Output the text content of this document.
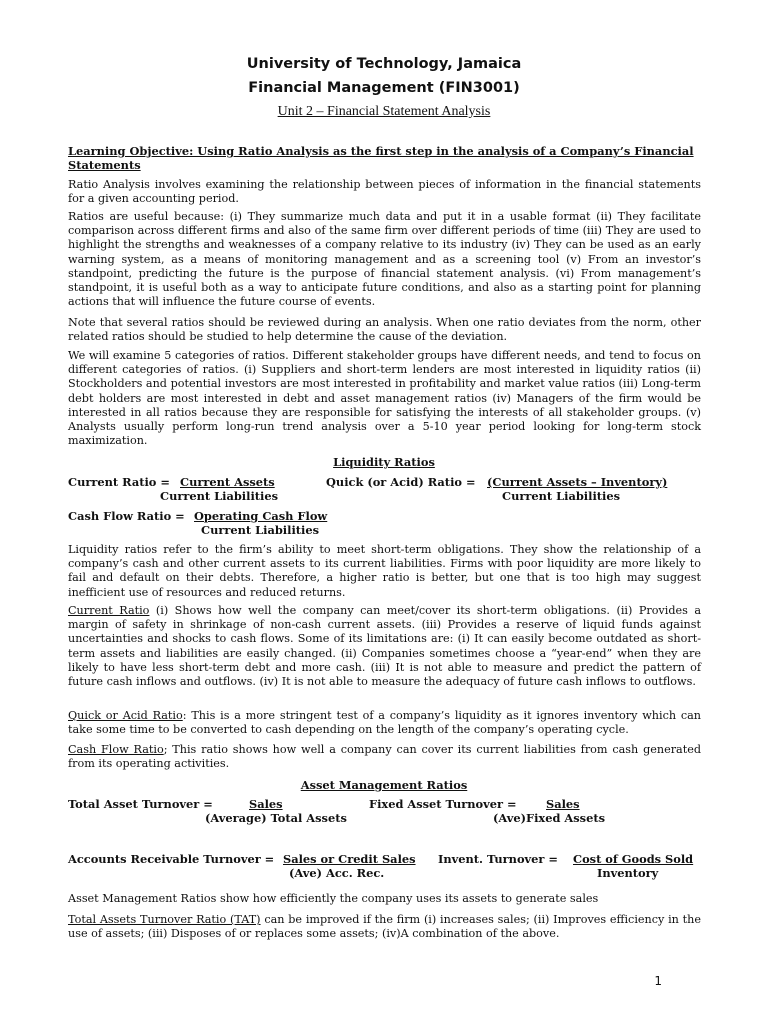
University of Technology, Jamaica
Financial Management (FIN3001)
Unit 2 – Financial Statement Analysis
Learning Objective: Using Ratio Analysis as the first step in the analysis of a Company’s Financial Statements
Ratio Analysis involves examining the relationship between pieces of information in the financial statements for a given accounting period.
Ratios are useful because: (i) They summarize much data and put it in a usable format (ii) They facilitate comparison across different firms and also of the same firm over different periods of time (iii) They are used to highlight the strengths and weaknesses of a company relative to its industry (iv) They can be used as an early warning system, as a means of monitoring management and as a screening tool (v) From an investor’s standpoint, predicting the future is the purpose of financial statement analysis. (vi) From management’s standpoint, it is useful both as a way to anticipate future conditions, and also as a starting point for planning actions that will influence the future course of events.
Note that several ratios should be reviewed during an analysis. When one ratio deviates from the norm, other related ratios should be studied to help determine the cause of the deviation.
We will examine 5 categories of ratios. Different stakeholder groups have different needs, and tend to focus on different categories of ratios. (i) Suppliers and short-term lenders are most interested in liquidity ratios (ii) Stockholders and potential investors are most interested in profitability and market value ratios (iii) Long-term debt holders are most interested in debt and asset management ratios (iv) Managers of the firm would be interested in all ratios because they are responsible for satisfying the interests of all stakeholder groups. (v) Analysts usually perform long-run trend analysis over a 5-10 year period looking for long-term stock maximization.
Liquidity Ratios
Current Ratio = Current Assets
Current Liabilities
Quick (or Acid) Ratio = (Current Assets – Inventory)
Current Liabilities
Cash Flow Ratio = Operating Cash Flow
Current Liabilities
Liquidity ratios refer to the firm’s ability to meet short-term obligations. They show the relationship of a company’s cash and other current assets to its current liabilities. Firms with poor liquidity are more likely to fail and default on their debts. Therefore, a higher ratio is better, but one that is too high may suggest inefficient use of resources and reduced returns.
Current Ratio (i) Shows how well the company can meet/cover its short-term obligations. (ii) Provides a margin of safety in shrinkage of non-cash current assets. (iii) Provides a reserve of liquid funds against uncertainties and shocks to cash flows. Some of its limitations are: (i) It can easily become outdated as short-term assets and liabilities are easily changed. (ii) Companies sometimes choose a “year-end” when they are likely to have less short-term debt and more cash. (iii) It is not able to measure and predict the pattern of future cash inflows and outflows. (iv) It is not able to measure the adequacy of future cash inflows to outflows.
Quick or Acid Ratio: This is a more stringent test of a company’s liquidity as it ignores inventory which can take some time to be converted to cash depending on the length of the company’s operating cycle.
Cash Flow Ratio; This ratio shows how well a company can cover its current liabilities from cash generated from its operating activities.
Asset Management Ratios
Total Asset Turnover =	Sales
(Average) Total Assets
Fixed Asset Turnover =	Sales
(Ave)Fixed Assets
Accounts Receivable Turnover = Sales or Credit Sales
(Ave) Acc. Rec.
Invent. Turnover = Cost of Goods Sold
Inventory
Asset Management Ratios show how efficiently the company uses its assets to generate sales
Total Assets Turnover Ratio (TAT) can be improved if the firm (i) increases sales; (ii) Improves efficiency in the use of assets; (iii) Disposes of or replaces some assets; (iv)A combination of the above.
1
